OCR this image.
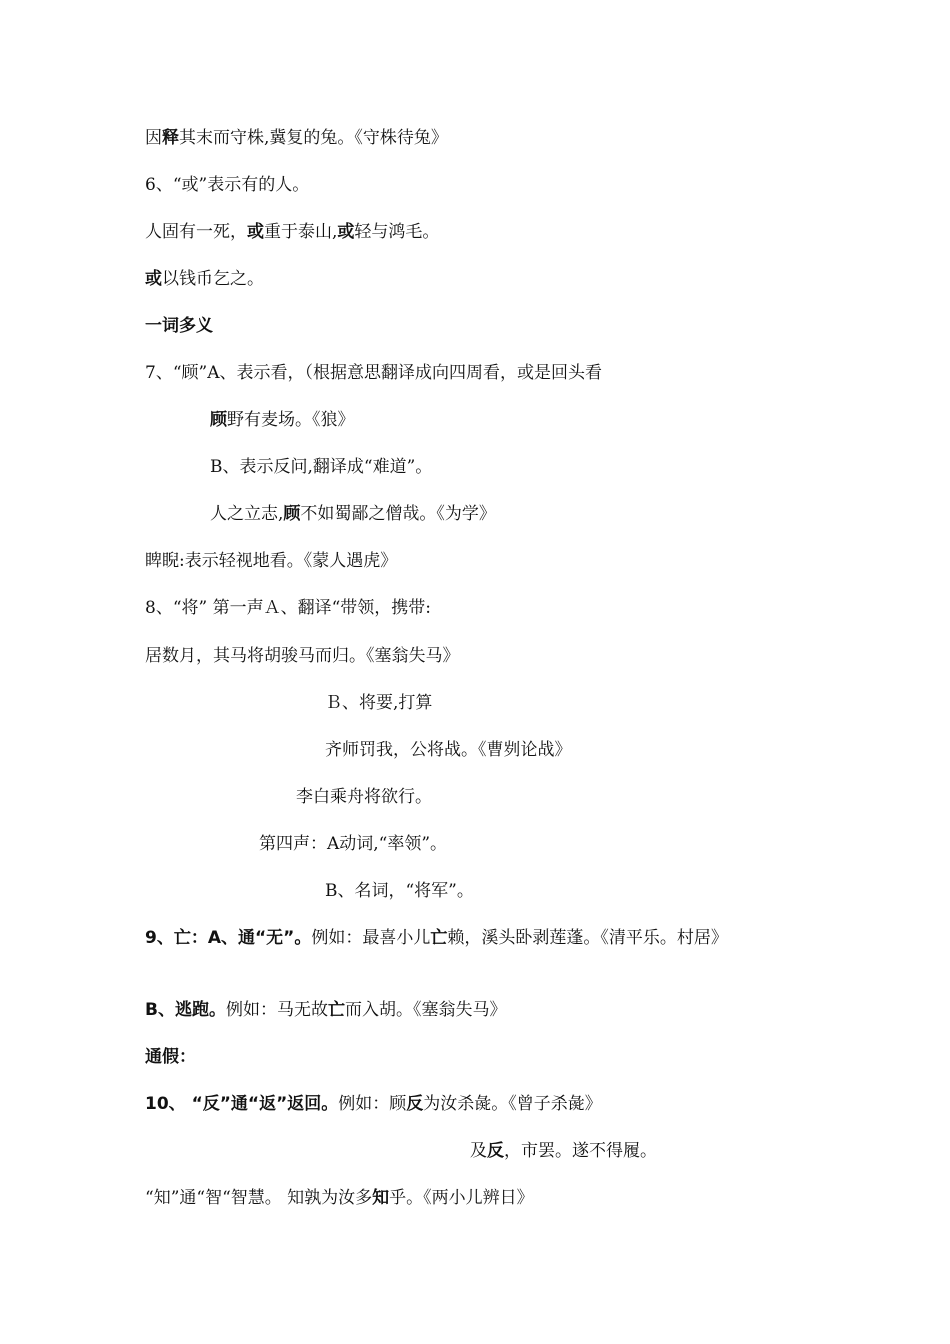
因释其末而守株,冀复的兔。《守株待兔》

6、“或”表示有的人。

人固有一死，或重于泰山,或轻与鸿毛。

或以钱币乞之。

一词多义

7、“顾”A、表示看，（根据意思翻译成向四周看，或是回头看

顾野有麦场。《狼》

B、表示反问,翻译成“难道”。

人之立志,顾不如蜀鄙之僧哉。《为学》

睥睨:表示轻视地看。《蒙人遇虎》

8、“将” 第一声Ａ、翻译“带领，携带:

居数月，其马将胡骏马而归。《塞翁失马》

Ｂ、将要,打算

齐师罚我，公将战。《曹刿论战》

李白乘舟将欲行。

第四声：A动词,“率领”。

B、名词，“将军”。

9、亡：A、通“无”。例如：最喜小儿亡赖，溪头卧剥莲蓬。《清平乐。村居》

B、逃跑。例如：马无故亡而入胡。《塞翁失马》

通假：

10、 “反”通“返”返回。例如：顾反为汝杀彘。《曾子杀彘》

及反，市罢。遂不得履。

“知”通“智“智慧。 知孰为汝多知乎。《两小儿辨日》
